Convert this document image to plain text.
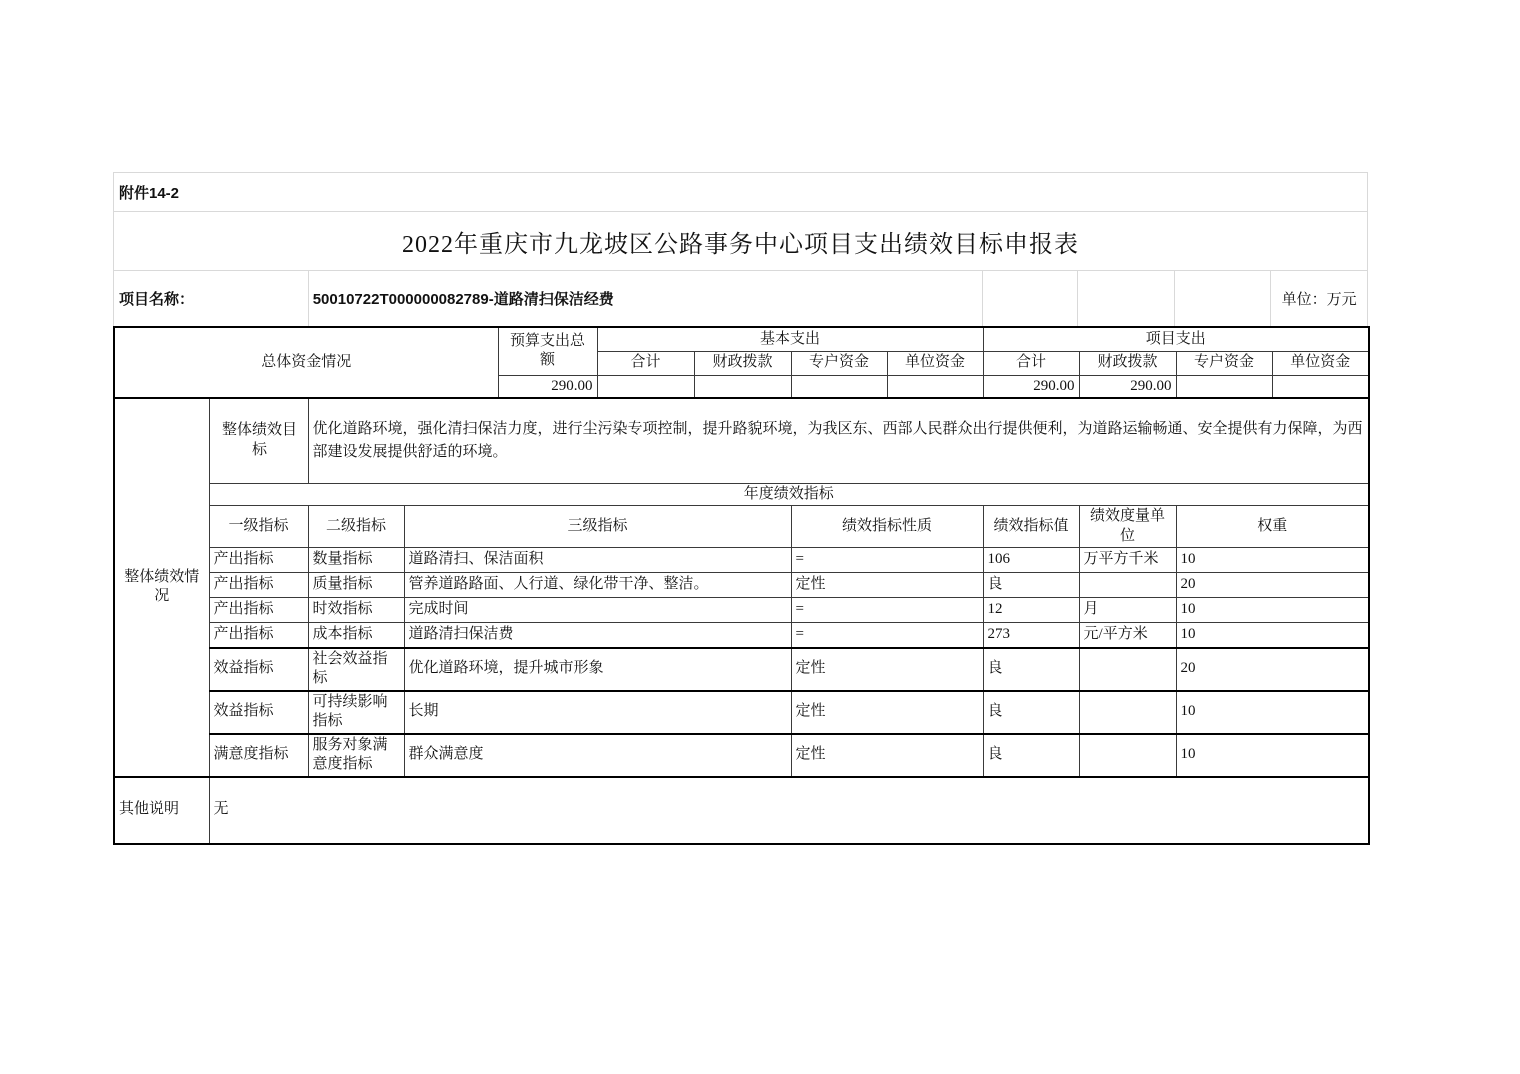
附件14-2
2022年重庆市九龙坡区公路事务中心项目支出绩效目标申报表
项目名称：	50010722T000000082789-道路清扫保洁经费	单位：万元
总体资金情况				预算支出总额	基本支出				项目支出			
					合计	财政拨款	专户资金	单位资金	合计	财政拨款	专户资金	单位资金
				290.00					290.00	290.00		

整体绩效情况	整体绩效目标	优化道路环境，强化清扫保洁力度，进行尘污染专项控制，提升路貌环境，为我区东、西部人民群众出行提供便利，为道路运输畅通、安全提供有力保障，为西部建设发展提供舒适的环境。										

	年度绩效指标											
	一级指标	二级指标	三级指标				绩效指标性质		绩效指标值	绩效度量单位	权重	
	产出指标	数量指标	道路清扫、保洁面积				=		106	万平方千米	10	
	产出指标	质量指标	管养道路路面、人行道、绿化带干净、整洁。				定性		良		20	
	产出指标	时效指标	完成时间				=		12	月	10	
	产出指标	成本指标	道路清扫保洁费				=		273	元/平方米	10	
	效益指标	社会效益指标	优化道路环境，提升城市形象				定性		良		20	
	效益指标	可持续影响指标	长期				定性		良		10	
	满意度指标	服务对象满意度指标	群众满意度				定性		良		10	
其他说明	无											
